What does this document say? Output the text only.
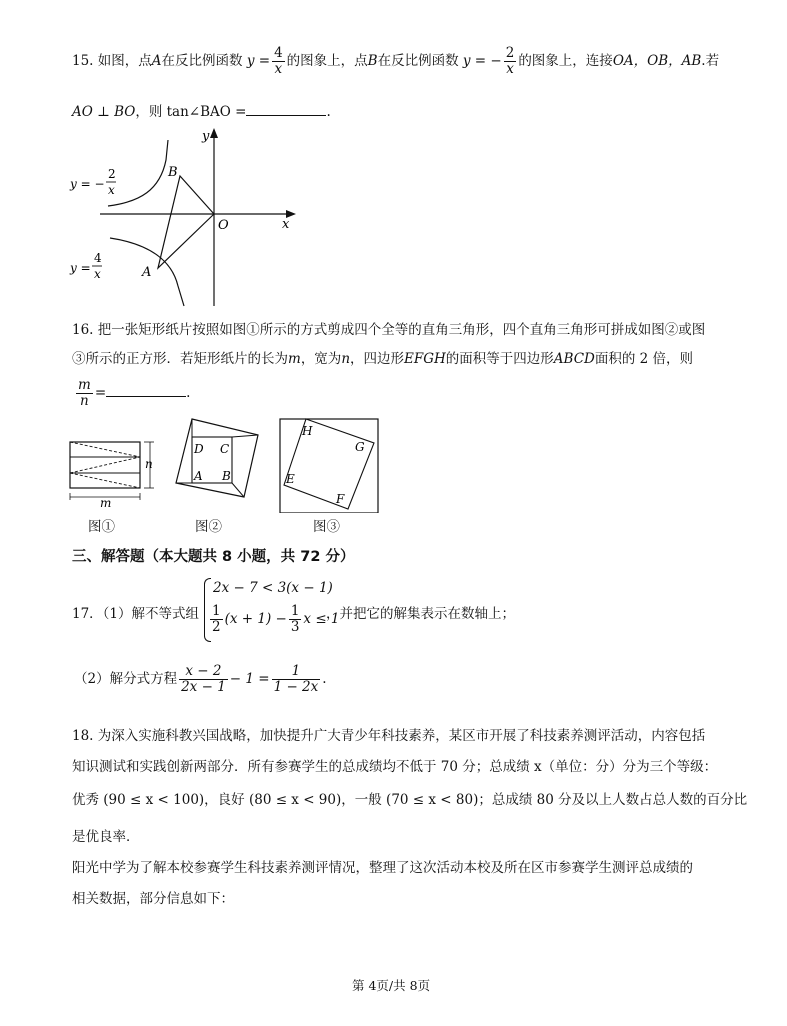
15. 如图，点A在反比例函数 $y = \frac{4}{x}$ 的图象上，点B在反比例函数 y = − $\frac{2}{x}$ 的图象上，连接OA，OB，AB.若
AO ⊥ BO，则 tan∠BAO =	.
y
x
O
B
A
y = −
2
x
y =
4
x
16. 把一张矩形纸片按照如图①所示的方式剪成四个全等的直角三角形，四个直角三角形可拼成如图②或图
③所示的正方形．若矩形纸片的长为m，宽为n，四边形EFGH的面积等于四边形ABCD面积的 2 倍，则
$\frac{m}{n}$ =	.
n
m
图①
D C
A B
图②
H
G
E
F
图③
三、解答题（本大题共 8 小题，共 72 分）
17．（1）解不等式组
2x − 7 < 3(x − 1)
$\frac{1}{2} (x + 1) - \frac{1}{3}$ x ≤ 1
，并把它的解集表示在数轴上；
（2）解分式方程 $\frac{x - 2}{2x - 1} - 1 = \frac{1}{1 - 2x}$ .
18. 为深入实施科教兴国战略，加快提升广大青少年科技素养，某区市开展了科技素养测评活动，内容包括
知识测试和实践创新两部分．所有参赛学生的总成绩均不低于 70 分；总成绩 x（单位：分）分为三个等级：
优秀 (90 ≤ x < 100)，良好 (80 ≤ x < 90)，一般 (70 ≤ x < 80)；总成绩 80 分及以上人数占总人数的百分比
是优良率．
阳光中学为了解本校参赛学生科技素养测评情况，整理了这次活动本校及所在区市参赛学生测评总成绩的
相关数据，部分信息如下：
第 4页/共 8页
